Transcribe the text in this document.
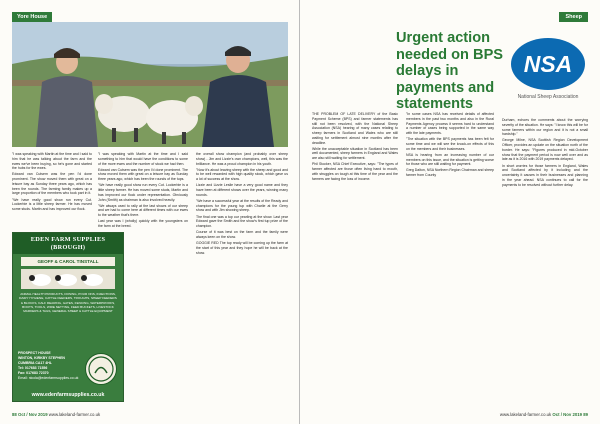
Yore House

"I was speaking with Martin at the time and I said to him that he was talking about the farm and the ewes we've been buying, so he's gone and started the hubs for the ewes.

Edward van Cutsem was the pen I'd done prominent. The show moved them with great on a leisure bay as Sunday three years ago, which has been the rounds. The farming family makes up a large proportion of the members who took part in it.

"We have really good show run every Cut. Lockerbie is a little sheep farmer. He has moved some studs. Martin and has improved our flock.

"I was speaking with Martin at the time and I said something to him that would have the conditions to some of the more ewes and the number of stock we had then.

Edward van Cutsem was the pen I'd done prominent. The show moved them with great on a leisure bay as Sunday three years ago, which has been the rounds of the tups.

"We have really good show run every Cut. Lockerbie is a little sheep farmer. He has moved some studs, Martin and has improved our flock under representation. Obviously John (Smith) as chairman is also involved heavily.

"We always used to rally at the last shows of our sheep and we had to come here at different times with our ewes to the weather that's there.

Last year was I (wholly) quickly with the youngsters on the farm at the breed.

the overall show champion (and probably over sheep show) - Jim and Lizzie's own champions, well, this was the brilliance. He was a proud champion in his youth.

"Now it's about leaving sheep with the sheep and good and to be well rewarded with high quality stock, which gave us a lot of success at the show.

Lizzie and Lizzie Leslie have a very good name and they have been at different shows over the years, winning many rounds.

"We have a successful year at the results of the Ready and champions for the young tup with Charlie at the Gerry show and with Jim showing sheep.

The final one was a tup our yearling at the show. Last year Edward gave the Smith and the show's first tup prize of the champion.

Course of it was best on the farm and the family were always keen on the show.

GOGGIE RED The tup ready will be coming up the farm at the start of this year and they hope he will be back at the show.

EDEN FARM SUPPLIES
(BROUGH)
GEOFF & CAROL TINSTALL
ANIMAL HEALTH PRODUCTS, DOSING, POUR ONS, INJECTIONS, DAIRY HYGIENE, CATTLE FEEDERS, TROUGHS, SHEEP FEEDERS & BLOCKS, CALF REARING, GATES, FENCING, WATERPROOFS, BOOTS, TOOLS, WIRE NETTING, FEED BUCKETS, LIVESTOCK MARKERS & TAGS, GENERAL SHEEP & CATTLE EQUIPMENT
PROSPECT HOUSE
WINTON, KIRKBY STEPHEN
CUMBRIA CA17 4HL
Tel: 017683 71556
Fax: 017683 72370
Email: nicola@edenfarmsupplies.co.uk
www.edenfarmsupplies.co.uk
88 Oct / Nov 2019 www.lakeland-farmer.co.uk
Sheep
Urgent action needed on BPS delays in payments and statements
NSA
National Sheep Association

THE PROBLEM OF LATE DELIVERY of the Basic Payment Scheme (BPS) and farmer statements has still not been resolved, with the National Sheep Association (NSA) hearing of many cases relating to sheep farmers in Scotland and Wales who are still waiting for settlement almost nine months after the deadline.

While the unacceptable situation in Scotland has been well documented, sheep farmers in England and Wales are also still waiting for settlement.

Phil Stocker, NSA Chief Executive, says: "The types of farmer affected are those often living hand to mouth, with struggles on tough at this time of the year and the farmers are facing the loss of income.

"In some cases NSA has received details of affected members in the past two months and also in the Rural Payments Agency process it seems hard to understand a number of cases being supported in the same way with the late payments.

"The situation with the BPS payments has been felt for some time and we will see the knock-on effects of this on the members and their businesses.

NSA is hearing from an increasing number of our members on this issue, and the situation is getting worse for those who are still waiting for payment.

Greg Dalton, NSA Northern Region Chairman and sheep farmer from County

Durham, echoes the comments about the worrying severity of the situation. He says: "I know this will be for some farmers within our region and it is not a small hardship."

George Milne, NSA Scottish Region Development Officer, provides an update on the situation north of the border. He says: "Figures produced in mid-October show that the payment period is now well over and as late as it is 2016 with 2019 payments delayed.

In short worries for those farmers in England, Wales and Scotland affected by it including and the uncertainty it causes in their businesses and planning in the year ahead. NSA continues to call for the payments to be resolved without further delay.

www.lakeland-farmer.co.uk Oct / Nov 2019 89
